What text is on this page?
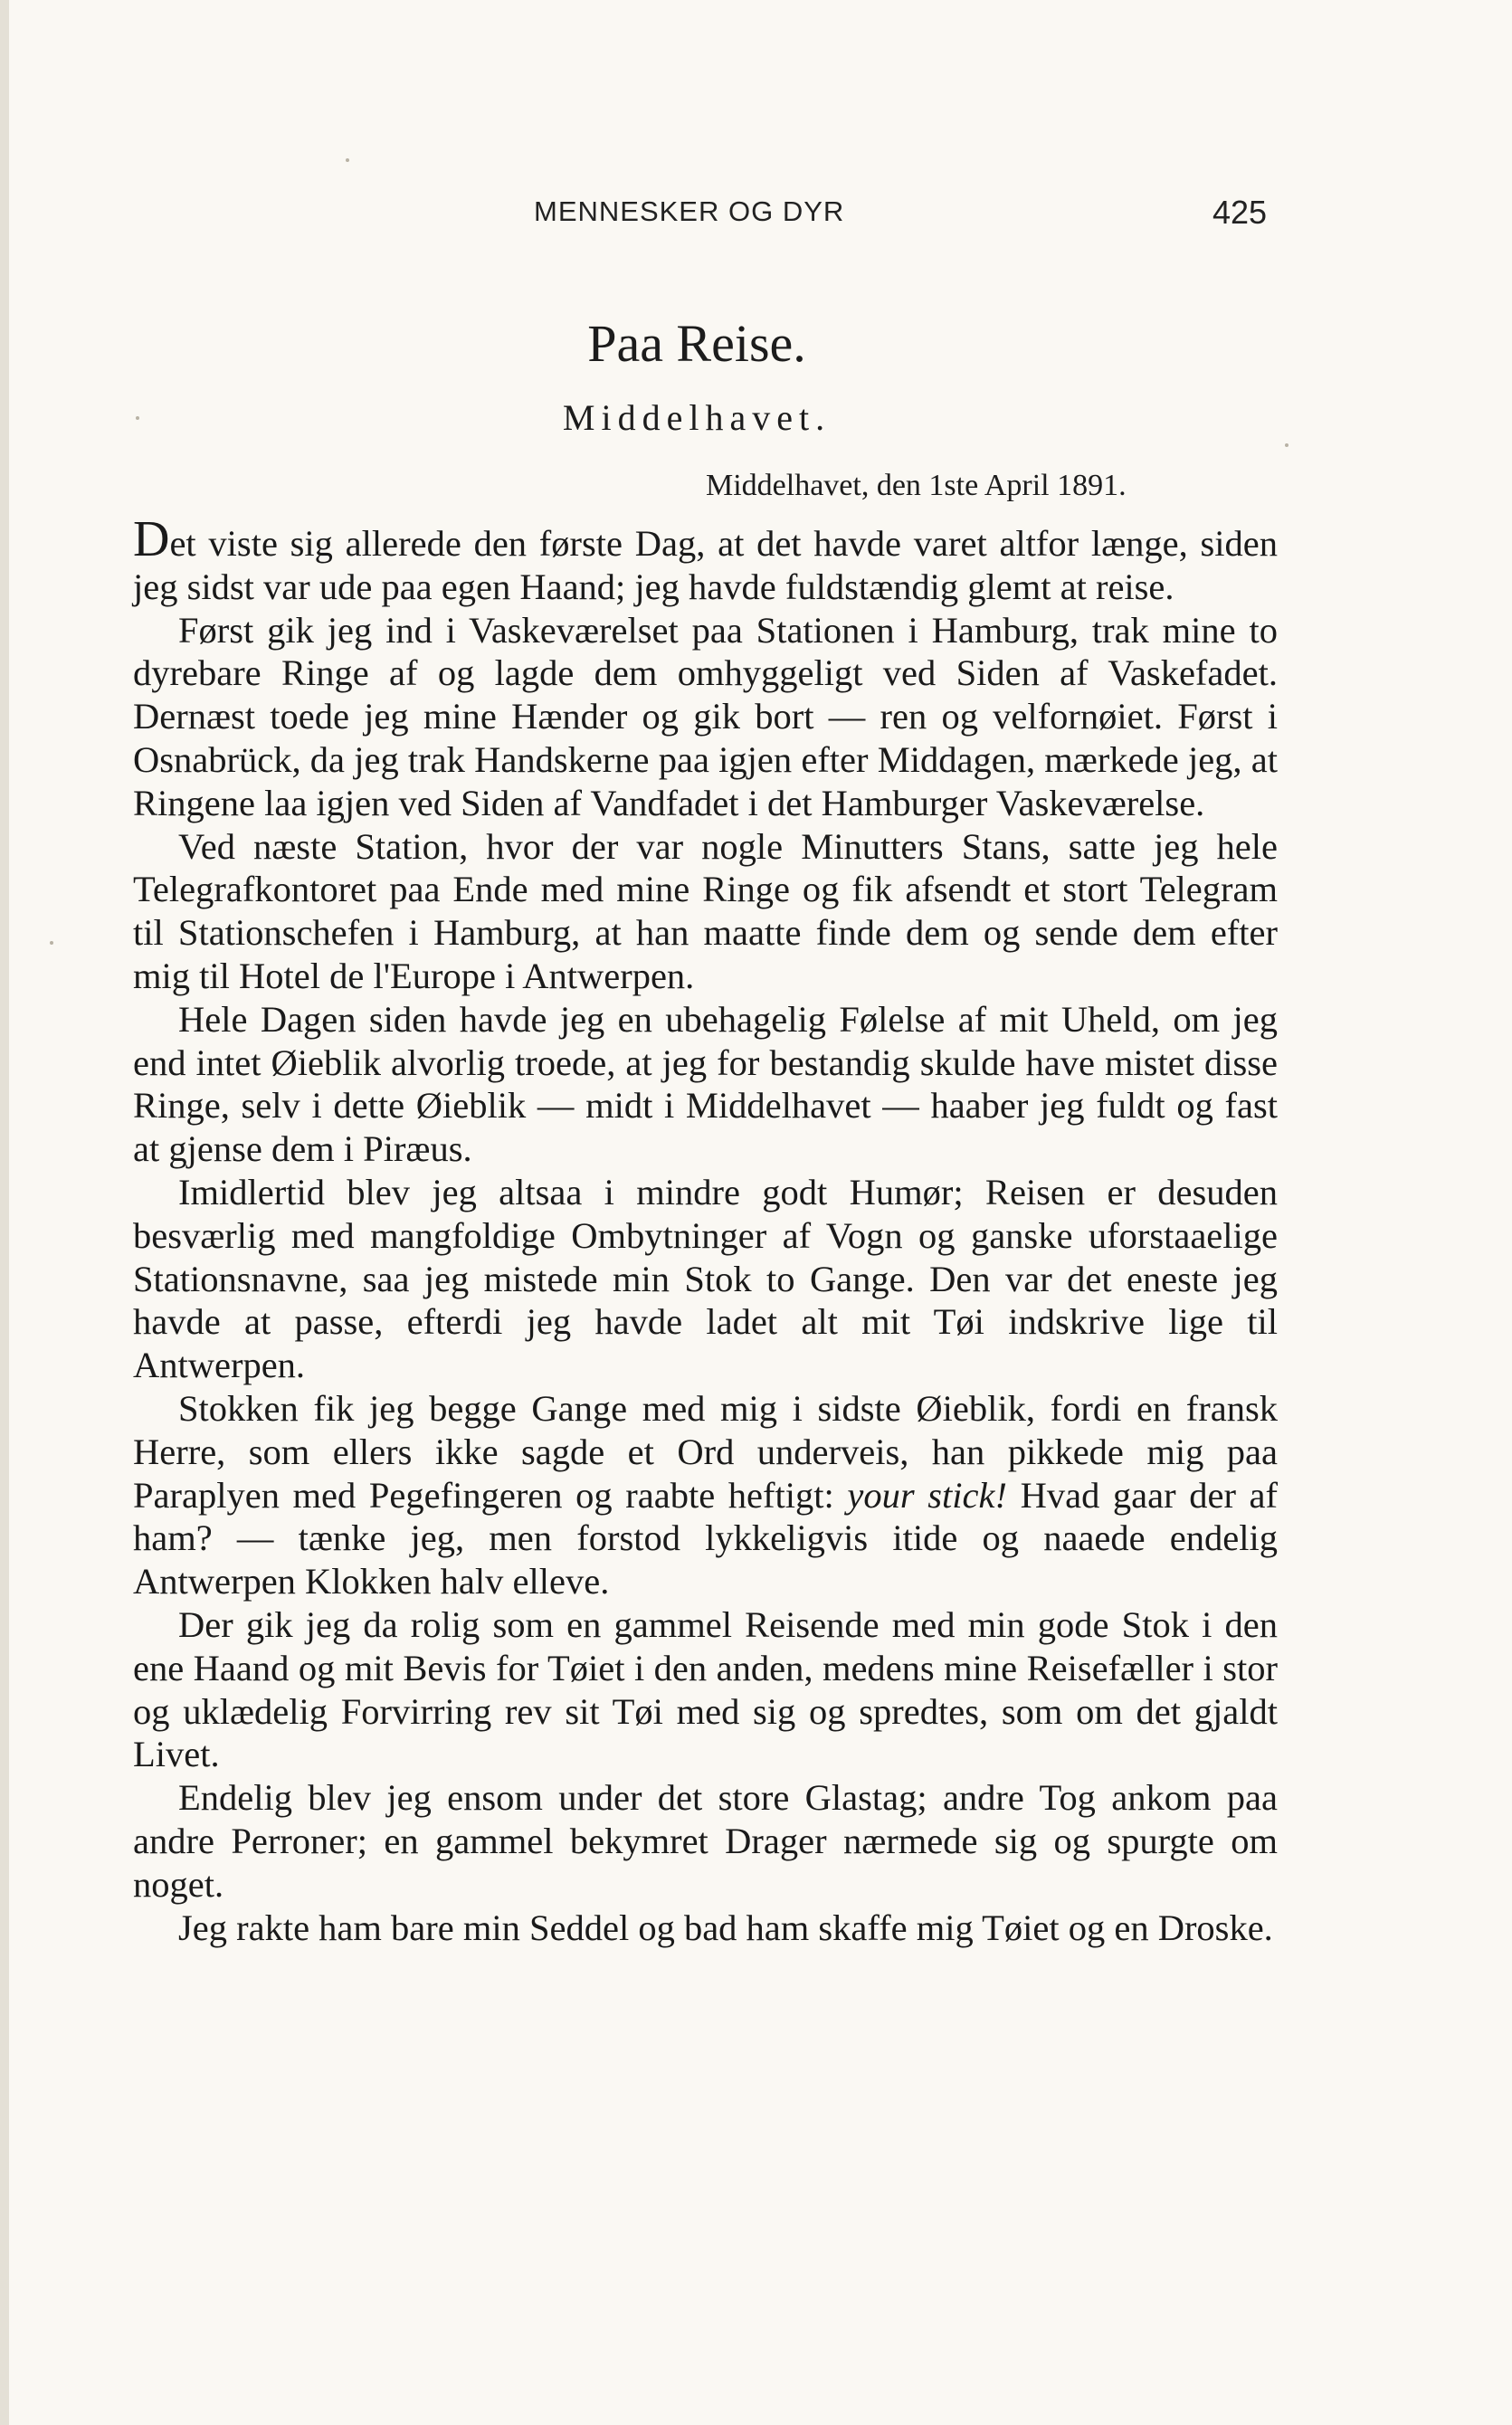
MENNESKER OG DYR	425
Paa Reise.
Middelhavet.
Middelhavet, den 1ste April 1891.

Det viste sig allerede den første Dag, at det havde varet altfor længe, siden jeg sidst var ude paa egen Haand; jeg havde fuldstændig glemt at reise.

Først gik jeg ind i Vaskeværelset paa Stationen i Hamburg, trak mine to dyrebare Ringe af og lagde dem omhyggeligt ved Siden af Vaskefadet. Dernæst toede jeg mine Hænder og gik bort — ren og velfornøiet. Først i Osnabrück, da jeg trak Handskerne paa igjen efter Middagen, mærkede jeg, at Ringene laa igjen ved Siden af Vandfadet i det Hamburger Vaskeværelse.

Ved næste Station, hvor der var nogle Minutters Stans, satte jeg hele Telegrafkontoret paa Ende med mine Ringe og fik afsendt et stort Telegram til Stationschefen i Hamburg, at han maatte finde dem og sende dem efter mig til Hotel de l'Europe i Antwerpen.

Hele Dagen siden havde jeg en ubehagelig Følelse af mit Uheld, om jeg end intet Øieblik alvorlig troede, at jeg for bestandig skulde have mistet disse Ringe, selv i dette Øieblik — midt i Middelhavet — haaber jeg fuldt og fast at gjense dem i Piræus.

Imidlertid blev jeg altsaa i mindre godt Humør; Reisen er desuden besværlig med mangfoldige Ombytninger af Vogn og ganske uforstaaelige Stationsnavne, saa jeg mistede min Stok to Gange. Den var det eneste jeg havde at passe, efterdi jeg havde ladet alt mit Tøi indskrive lige til Antwerpen.

Stokken fik jeg begge Gange med mig i sidste Øieblik, fordi en fransk Herre, som ellers ikke sagde et Ord underveis, han pikkede mig paa Paraplyen med Pegefingeren og raabte heftigt: your stick! Hvad gaar der af ham? — tænke jeg, men forstod lykkeligvis itide og naaede endelig Antwerpen Klokken halv elleve.

Der gik jeg da rolig som en gammel Reisende med min gode Stok i den ene Haand og mit Bevis for Tøiet i den anden, medens mine Reisefæller i stor og uklædelig Forvirring rev sit Tøi med sig og spredtes, som om det gjaldt Livet.

Endelig blev jeg ensom under det store Glastag; andre Tog ankom paa andre Perroner; en gammel bekymret Drager nærmede sig og spurgte om noget.

Jeg rakte ham bare min Seddel og bad ham skaffe mig Tøiet og en Droske.
